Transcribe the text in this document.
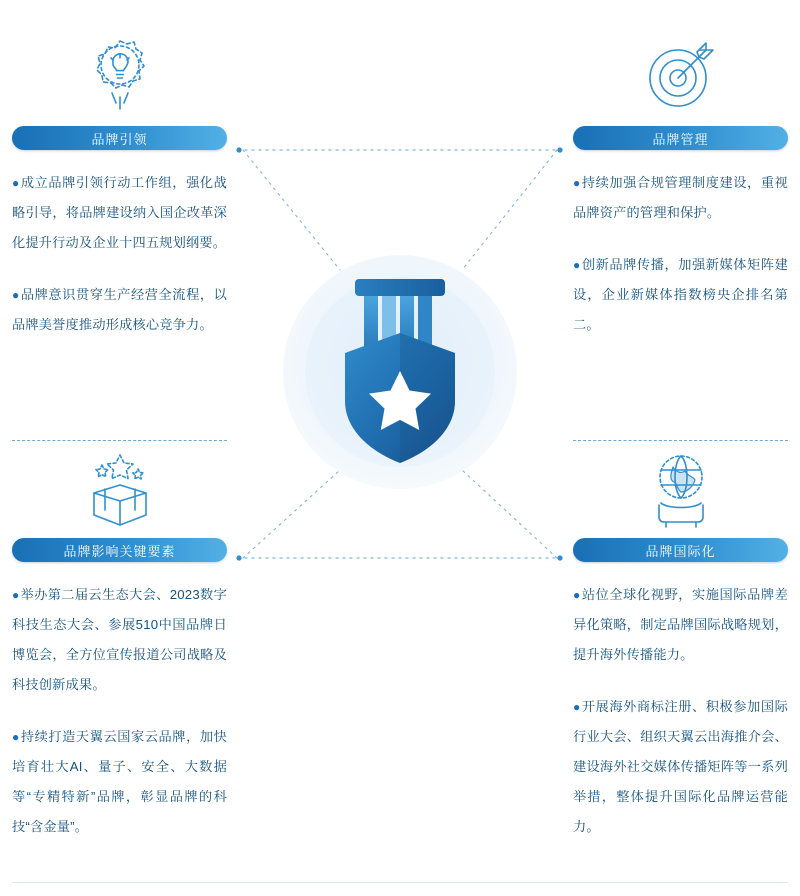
品牌引领
●成立品牌引领行动工作组，强化战略引导，将品牌建设纳入国企改革深化提升行动及企业十四五规划纲要。
●品牌意识贯穿生产经营全流程，以品牌美誉度推动形成核心竞争力。
品牌管理
●持续加强合规管理制度建设，重视品牌资产的管理和保护。
●创新品牌传播，加强新媒体矩阵建设，企业新媒体指数榜央企排名第二。
品牌影响关键要素
●举办第二届云生态大会、2023数字科技生态大会、参展510中国品牌日博览会，全方位宣传报道公司战略及科技创新成果。
●持续打造天翼云国家云品牌，加快培育壮大AI、量子、安全、大数据等“专精特新”品牌，彰显品牌的科技“含金量”。
品牌国际化
●站位全球化视野，实施国际品牌差异化策略，制定品牌国际战略规划，提升海外传播能力。
●开展海外商标注册、积极参加国际行业大会、组织天翼云出海推介会、建设海外社交媒体传播矩阵等一系列举措，整体提升国际化品牌运营能力。
